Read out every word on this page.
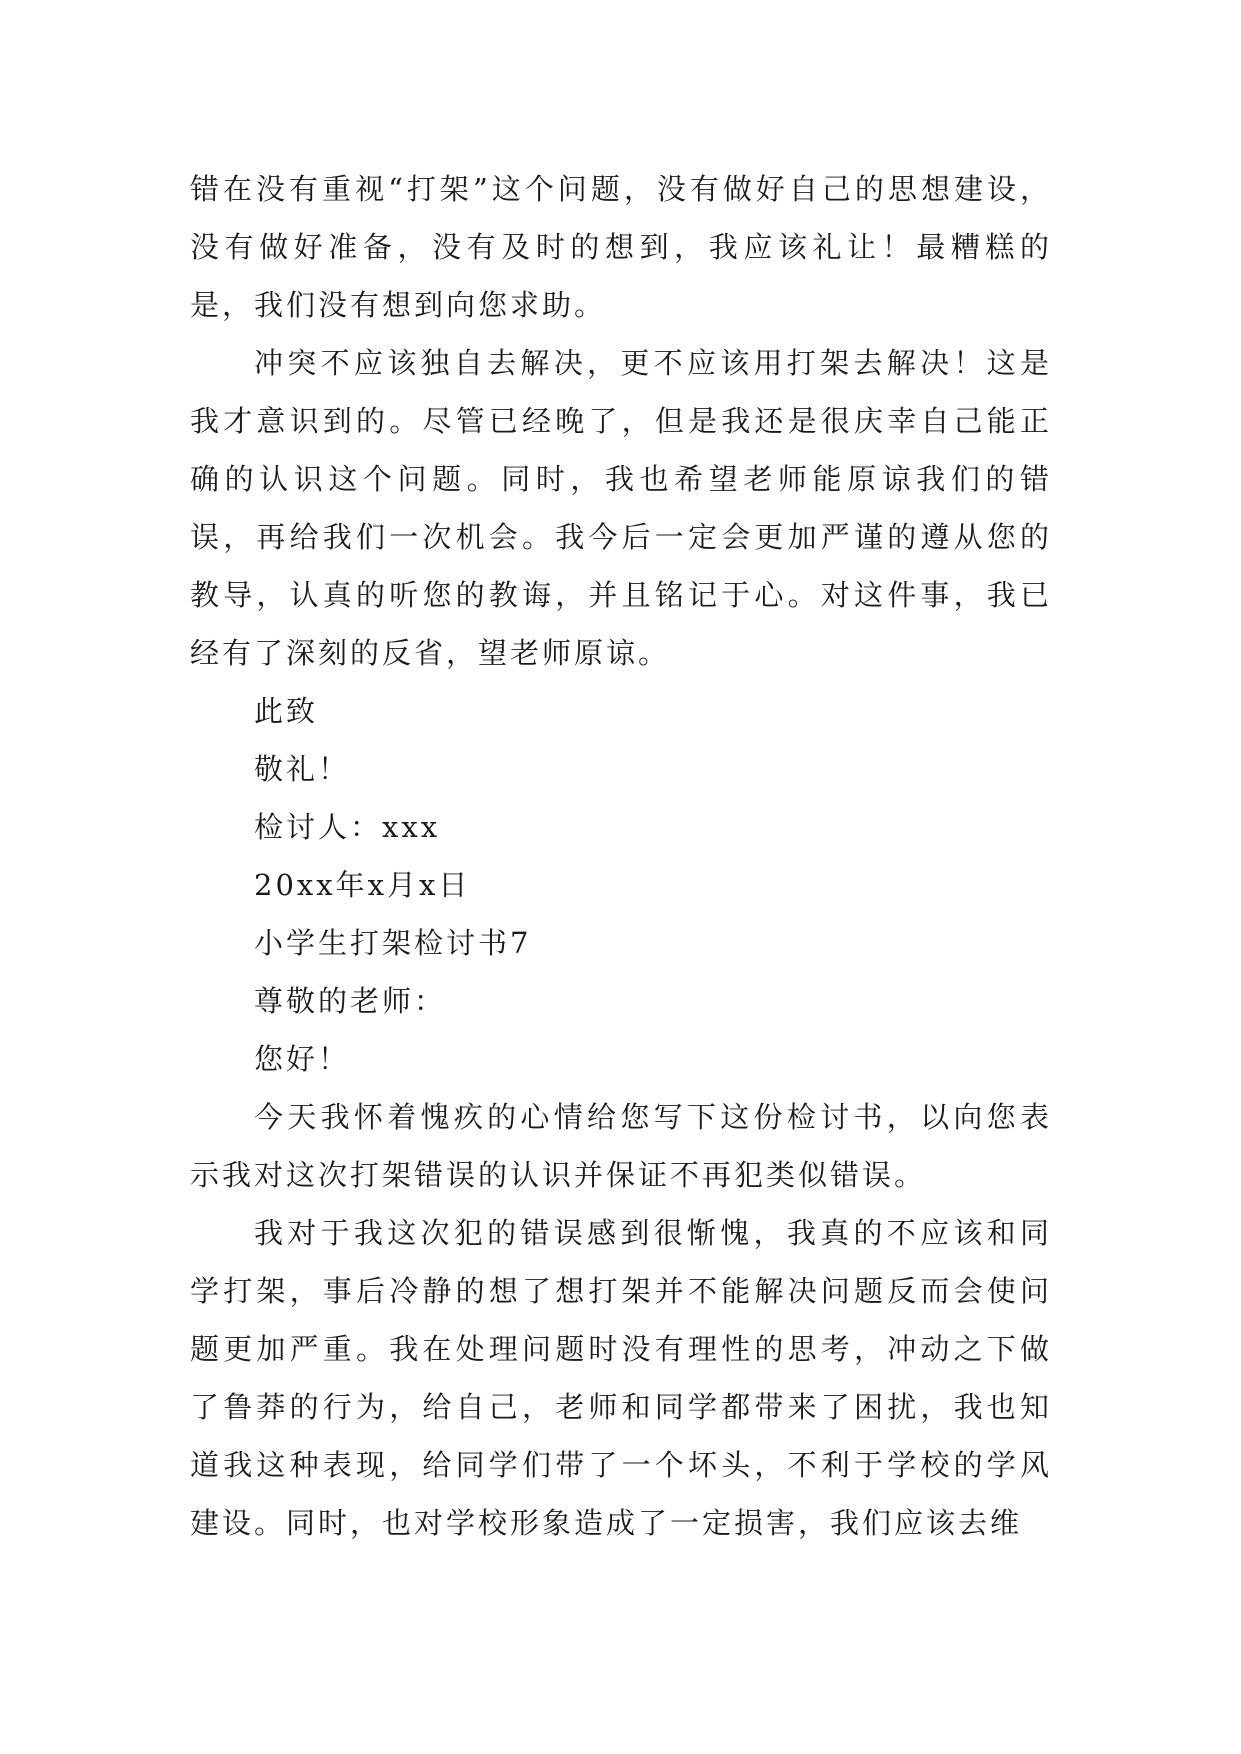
错在没有重视“打架”这个问题，没有做好自己的思想建设，没有做好准备，没有及时的想到，我应该礼让！最糟糕的是，我们没有想到向您求助。

冲突不应该独自去解决，更不应该用打架去解决！这是我才意识到的。尽管已经晚了，但是我还是很庆幸自己能正确的认识这个问题。同时，我也希望老师能原谅我们的错误，再给我们一次机会。我今后一定会更加严谨的遵从您的教导，认真的听您的教诲，并且铭记于心。对这件事，我已经有了深刻的反省，望老师原谅。

此致

敬礼！

检讨人：xxx

20xx年x月x日

小学生打架检讨书7

尊敬的老师：

您好！

今天我怀着愧疚的心情给您写下这份检讨书，以向您表示我对这次打架错误的认识并保证不再犯类似错误。

我对于我这次犯的错误感到很惭愧，我真的不应该和同学打架，事后冷静的想了想打架并不能解决问题反而会使问题更加严重。我在处理问题时没有理性的思考，冲动之下做了鲁莽的行为，给自己，老师和同学都带来了困扰，我也知道我这种表现，给同学们带了一个坏头，不利于学校的学风建设。同时，也对学校形象造成了一定损害，我们应该去维
